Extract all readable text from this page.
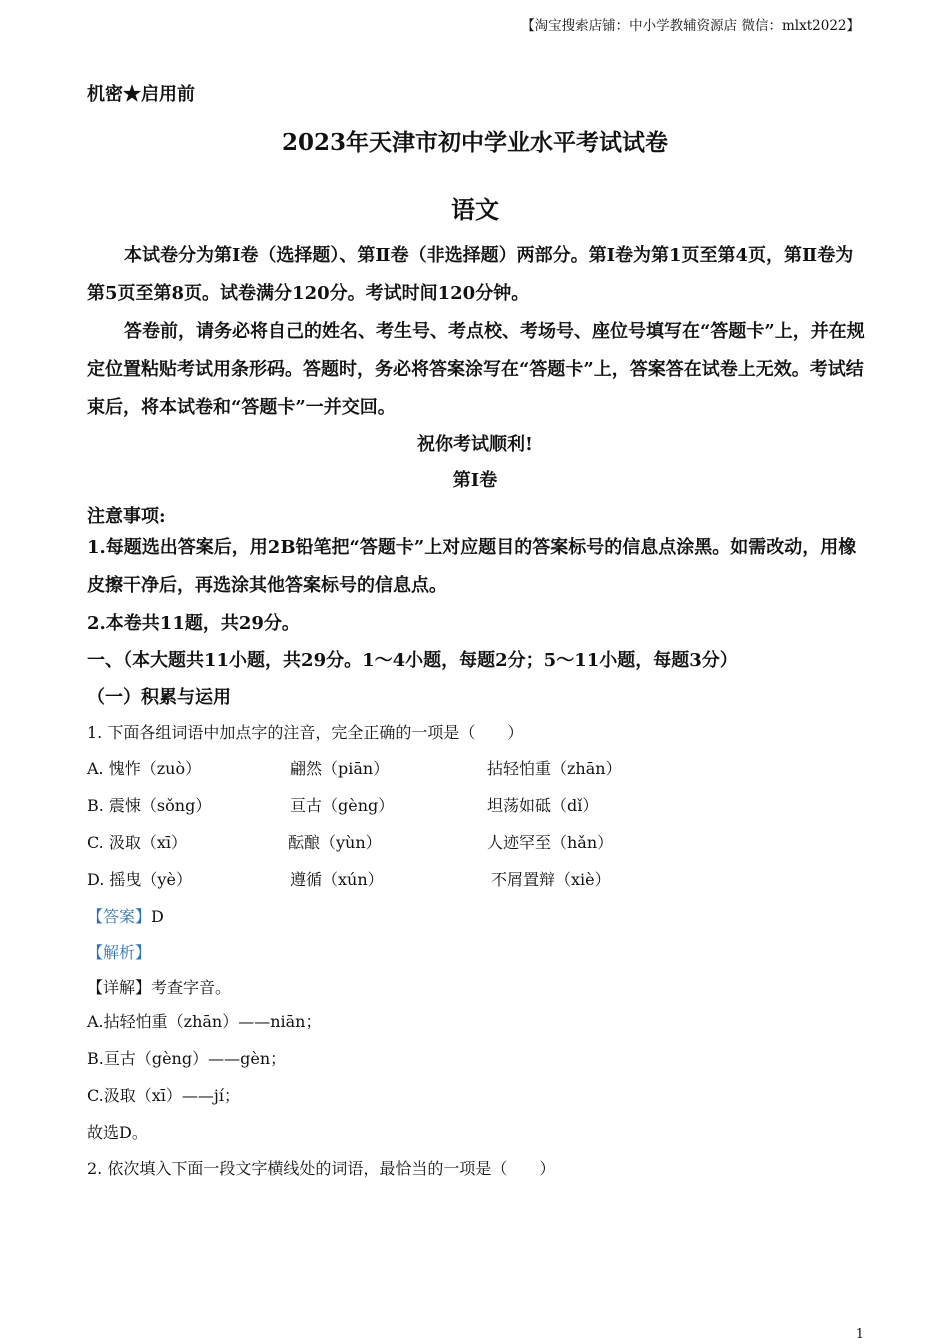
【淘宝搜索店铺：中小学教辅资源店 微信：mlxt2022】
机密★启用前
2023年天津市初中学业水平考试试卷
语文

本试卷分为第Ⅰ卷（选择题）、第Ⅱ卷（非选择题）两部分。第Ⅰ卷为第1页至第4页，第Ⅱ卷为第5页至第8页。试卷满分120分。考试时间120分钟。

答卷前，请务必将自己的姓名、考生号、考点校、考场号、座位号填写在“答题卡”上，并在规定位置粘贴考试用条形码。答题时，务必将答案涂写在“答题卡”上，答案答在试卷上无效。考试结束后，将本试卷和“答题卡”一并交回。

祝你考试顺利!
第Ⅰ卷
注意事项:
1.每题选出答案后，用2B铅笔把“答题卡”上对应题目的答案标号的信息点涂黑。如需改动，用橡皮擦干净后，再选涂其他答案标号的信息点。
2.本卷共11题，共29分。
一、（本大题共11小题，共29分。1～4小题，每题2分；5～11小题，每题3分）
（一）积累与运用
1. 下面各组词语中加点字的注音，完全正确的一项是（　　）
A. 愧怍（zuò）	翩然（piān）	拈轻怕重（zhān）
B. 震悚（sǒng）	亘古（gèng）	坦荡如砥（dǐ）
C. 汲取（xī）	酝酿（yùn）	人迹罕至（hǎn）
D. 摇曳（yè）	遵循（xún）	不屑置辩（xiè）
【答案】D
【解析】
【详解】考查字音。
A.拈轻怕重（zhān）——niān；
B.亘古（gèng）——gèn；
C.汲取（xī）——jí；
故选D。
2. 依次填入下面一段文字横线处的词语，最恰当的一项是（　　）
1
